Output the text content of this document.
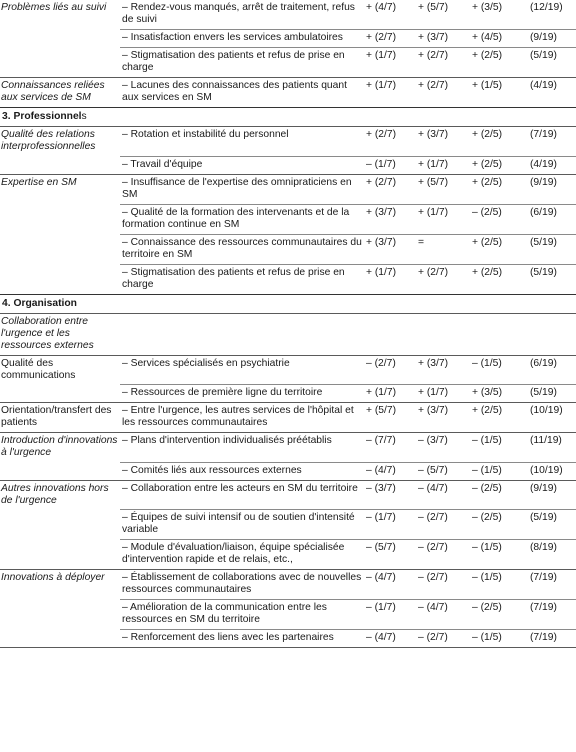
Problèmes liés au suivi	– Rendez-vous manqués, arrêt de traitement, refus de suivi	+ (4/7)	+ (5/7)	+ (3/5)	(12/19)
	– Insatisfaction envers les services ambulatoires	+ (2/7)	+ (3/7)	+ (4/5)	(9/19)
	– Stigmatisation des patients et refus de prise en charge	+ (1/7)	+ (2/7)	+ (2/5)	(5/19)
Connaissances reliées aux services de SM	– Lacunes des connaissances des patients quant aux services en SM	+ (1/7)	+ (2/7)	+ (1/5)	(4/19)
3. Professionnels					
Qualité des relations interprofessionnelles	– Rotation et instabilité du personnel	+ (2/7)	+ (3/7)	+ (2/5)	(7/19)
	– Travail d'équipe	– (1/7)	+ (1/7)	+ (2/5)	(4/19)
Expertise en SM	– Insuffisance de l'expertise des omnipraticiens en SM	+ (2/7)	+ (5/7)	+ (2/5)	(9/19)
	– Qualité de la formation des intervenants et de la formation continue en SM	+ (3/7)	+ (1/7)	– (2/5)	(6/19)
	– Connaissance des ressources communautaires du territoire en SM	+ (3/7)	=	+ (2/5)	(5/19)
	– Stigmatisation des patients et refus de prise en charge	+ (1/7)	+ (2/7)	+ (2/5)	(5/19)
4. Organisation					
Collaboration entre l'urgence et les ressources externes					
Qualité des communications	– Services spécialisés en psychiatrie	– (2/7)	+ (3/7)	– (1/5)	(6/19)
	– Ressources de première ligne du territoire	+ (1/7)	+ (1/7)	+ (3/5)	(5/19)
Orientation/transfert des patients	– Entre l'urgence, les autres services de l'hôpital et les ressources communautaires	+ (5/7)	+ (3/7)	+ (2/5)	(10/19)
Introduction d'innovations à l'urgence	– Plans d'intervention individualisés préétablis	– (7/7)	– (3/7)	– (1/5)	(11/19)
	– Comités liés aux ressources externes	– (4/7)	– (5/7)	– (1/5)	(10/19)
Autres innovations hors de l'urgence	– Collaboration entre les acteurs en SM du territoire	– (3/7)	– (4/7)	– (2/5)	(9/19)
	– Équipes de suivi intensif ou de soutien d'intensité variable	– (1/7)	– (2/7)	– (2/5)	(5/19)
	– Module d'évaluation/liaison, équipe spécialisée d'intervention rapide et de relais, etc.,	– (5/7)	– (2/7)	– (1/5)	(8/19)
Innovations à déployer	– Établissement de collaborations avec de nouvelles ressources communautaires	– (4/7)	– (2/7)	– (1/5)	(7/19)
	– Amélioration de la communication entre les ressources en SM du territoire	– (1/7)	– (4/7)	– (2/5)	(7/19)
	– Renforcement des liens avec les partenaires	– (4/7)	– (2/7)	– (1/5)	(7/19)
